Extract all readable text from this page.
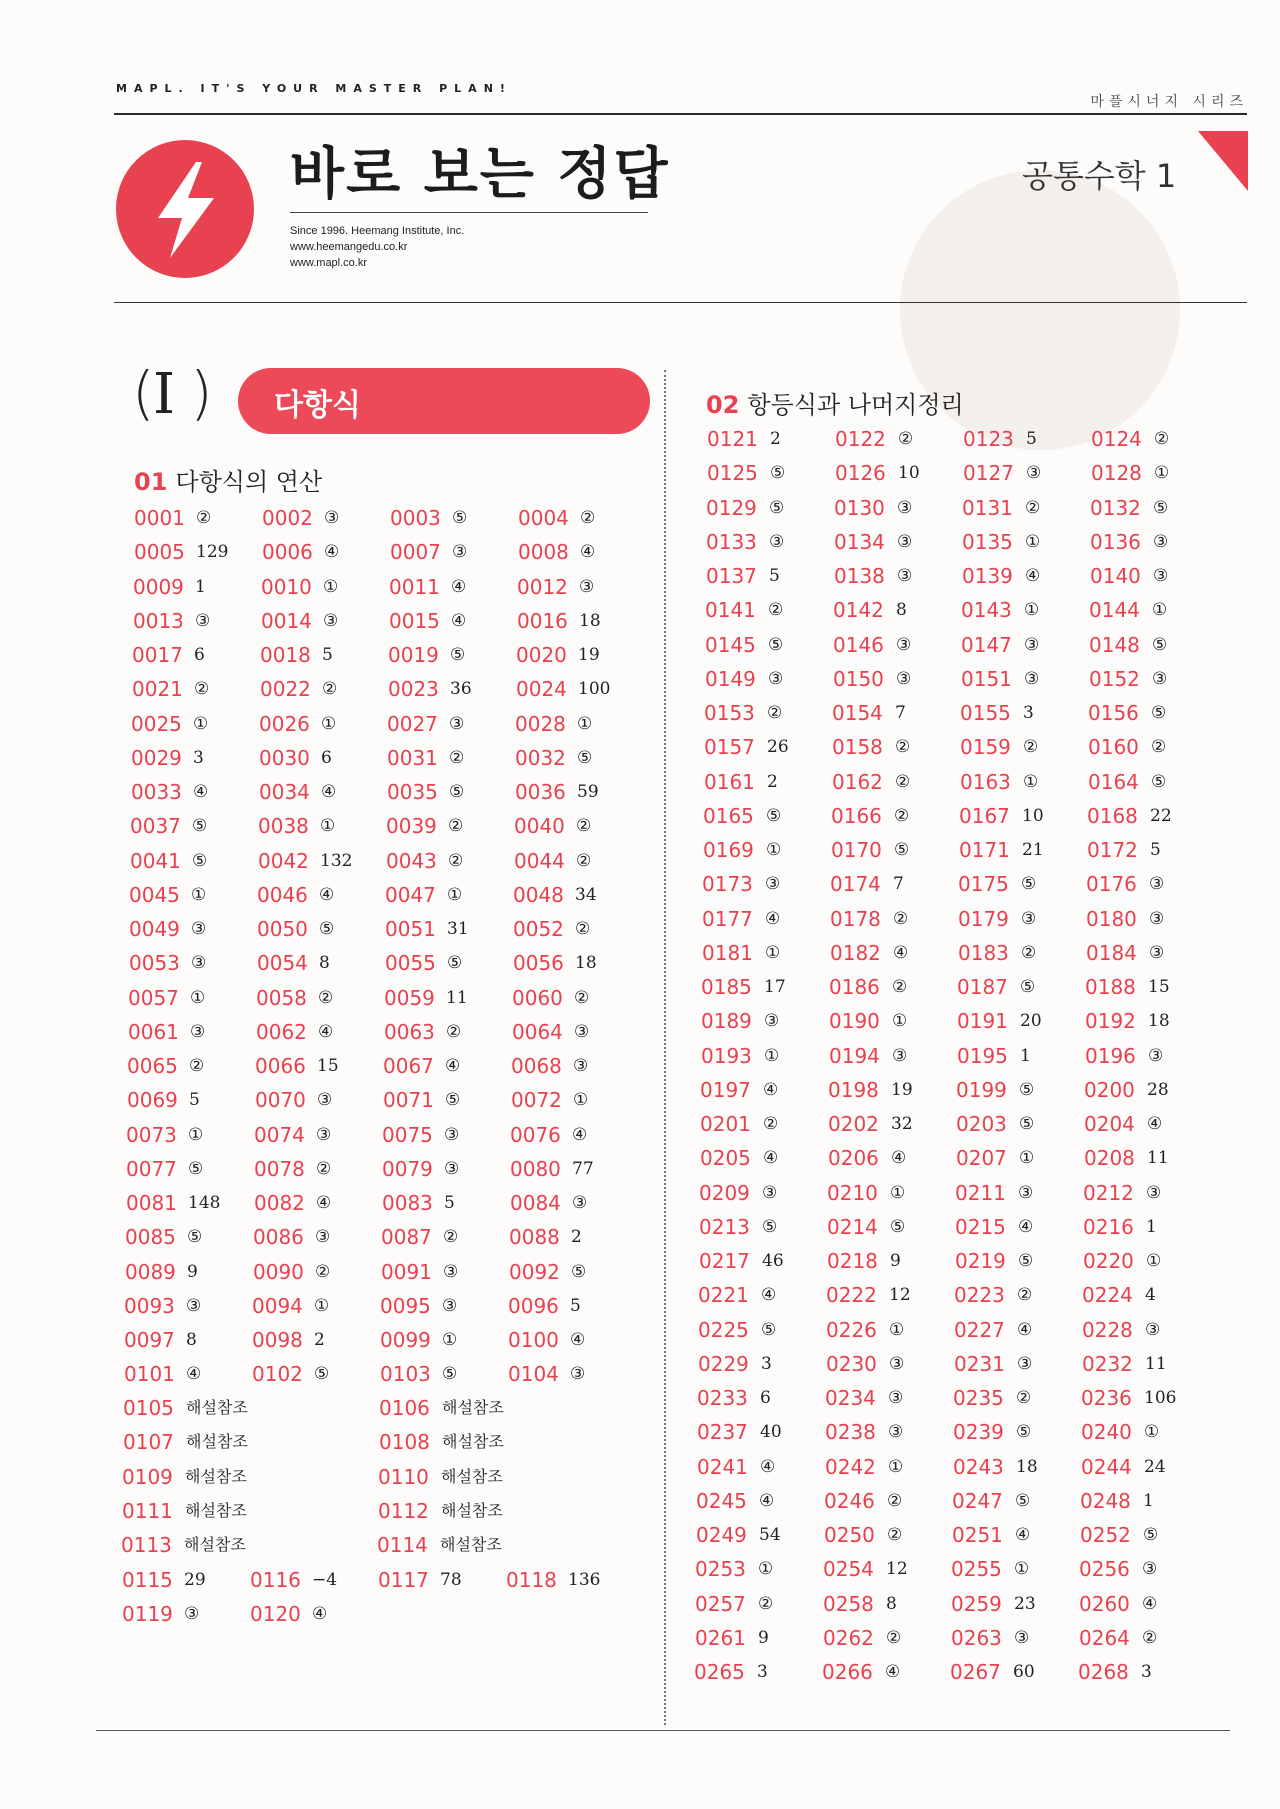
MAPL. IT'S YOUR MASTER PLAN!
마플시너지 시리즈
바로 보는 정답
Since 1996. Heemang Institute, Inc.
www.heemangedu.co.kr
www.mapl.co.kr
공통수학 1
(
I ) 다항식
01 다항식의 연산
02 항등식과 나머지정리
0001 ②	0002 ③	0003 ⑤	0004 ②
0005 129 0006 ④	0007 ③	0008 ④
0009 1	0010 ①	0011 ④	0012 ③
0013 ③	0014 ③	0015 ④	0016 18
0017 6	0018 5	0019 ⑤	0020 19
0021 ②	0022 ②	0023 36 0024 100
0025 ①	0026 ①	0027 ③	0028 ①
0029 3	0030 6	0031 ②	0032 ⑤
0033 ④	0034 ④	0035 ⑤	0036 59
0037 ⑤	0038 ①	0039 ②	0040 ②
0041 ⑤	0042 132 0043 ②	0044 ②
0045 ①	0046 ④	0047 ①	0048 34
0049 ③	0050 ⑤	0051 31 0052 ②
0053 ③	0054 8	0055 ⑤	0056 18
0057 ①	0058 ②	0059 11 0060 ②
0061 ③	0062 ④	0063 ②	0064 ③
0065 ②	0066 15 0067 ④	0068 ③
0069 5	0070 ③	0071 ⑤	0072 ①
0073 ①	0074 ③	0075 ③	0076 ④
0077 ⑤	0078 ②	0079 ③	0080 77
0081 148 0082 ④	0083 5	0084 ③
0085 ⑤	0086 ③	0087 ②	0088 2
0089 9	0090 ②	0091 ③	0092 ⑤
0093 ③	0094 ①	0095 ③	0096 5
0097 8	0098 2	0099 ①	0100 ④
0101 ④	0102 ⑤	0103 ⑤	0104 ③
0105 해설참조	0106 해설참조
0107 해설참조	0108 해설참조
0109 해설참조	0110 해설참조
0111 해설참조	0112 해설참조
0113 해설참조	0114 해설참조
0115 29 0116 −4 0117 78 0118 136
0119 ③	0120 ④
0121 2	0122 ② 0123 5	0124 ②
0125 ⑤ 0126 10 0127 ③ 0128 ①
0129 ⑤ 0130 ③ 0131 ② 0132 ⑤
0133 ③ 0134 ③ 0135 ① 0136 ③
0137 5	0138 ③ 0139 ④ 0140 ③
0141 ② 0142 8	0143 ① 0144 ①
0145 ⑤ 0146 ③ 0147 ③ 0148 ⑤
0149 ③ 0150 ③ 0151 ③ 0152 ③
0153 ② 0154 7	0155 3	0156 ⑤
0157 26 0158 ② 0159 ② 0160 ②
0161 2	0162 ② 0163 ① 0164 ⑤
0165 ⑤ 0166 ② 0167 10 0168 22
0169 ① 0170 ⑤ 0171 21 0172 5
0173 ③ 0174 7	0175 ⑤ 0176 ③
0177 ④ 0178 ② 0179 ③ 0180 ③
0181 ① 0182 ④ 0183 ② 0184 ③
0185 17 0186 ② 0187 ⑤ 0188 15
0189 ③ 0190 ① 0191 20 0192 18
0193 ① 0194 ③ 0195 1	0196 ③
0197 ④ 0198 19 0199 ⑤ 0200 28
0201 ② 0202 32 0203 ⑤ 0204 ④
0205 ④ 0206 ④ 0207 ① 0208 11
0209 ③ 0210 ① 0211 ③ 0212 ③
0213 ⑤ 0214 ⑤ 0215 ④ 0216 1
0217 46 0218 9	0219 ⑤ 0220 ①
0221 ④ 0222 12 0223 ② 0224 4
0225 ⑤ 0226 ① 0227 ④ 0228 ③
0229 3	0230 ③ 0231 ③ 0232 11
0233 6	0234 ③ 0235 ② 0236 106
0237 40 0238 ③ 0239 ⑤ 0240 ①
0241 ④ 0242 ① 0243 18 0244 24
0245 ④ 0246 ② 0247 ⑤ 0248 1
0249 54 0250 ② 0251 ④ 0252 ⑤
0253 ① 0254 12 0255 ① 0256 ③
0257 ② 0258 8	0259 23 0260 ④
0261 9	0262 ② 0263 ③ 0264 ②
0265 3	0266 ④ 0267 60 0268 3
